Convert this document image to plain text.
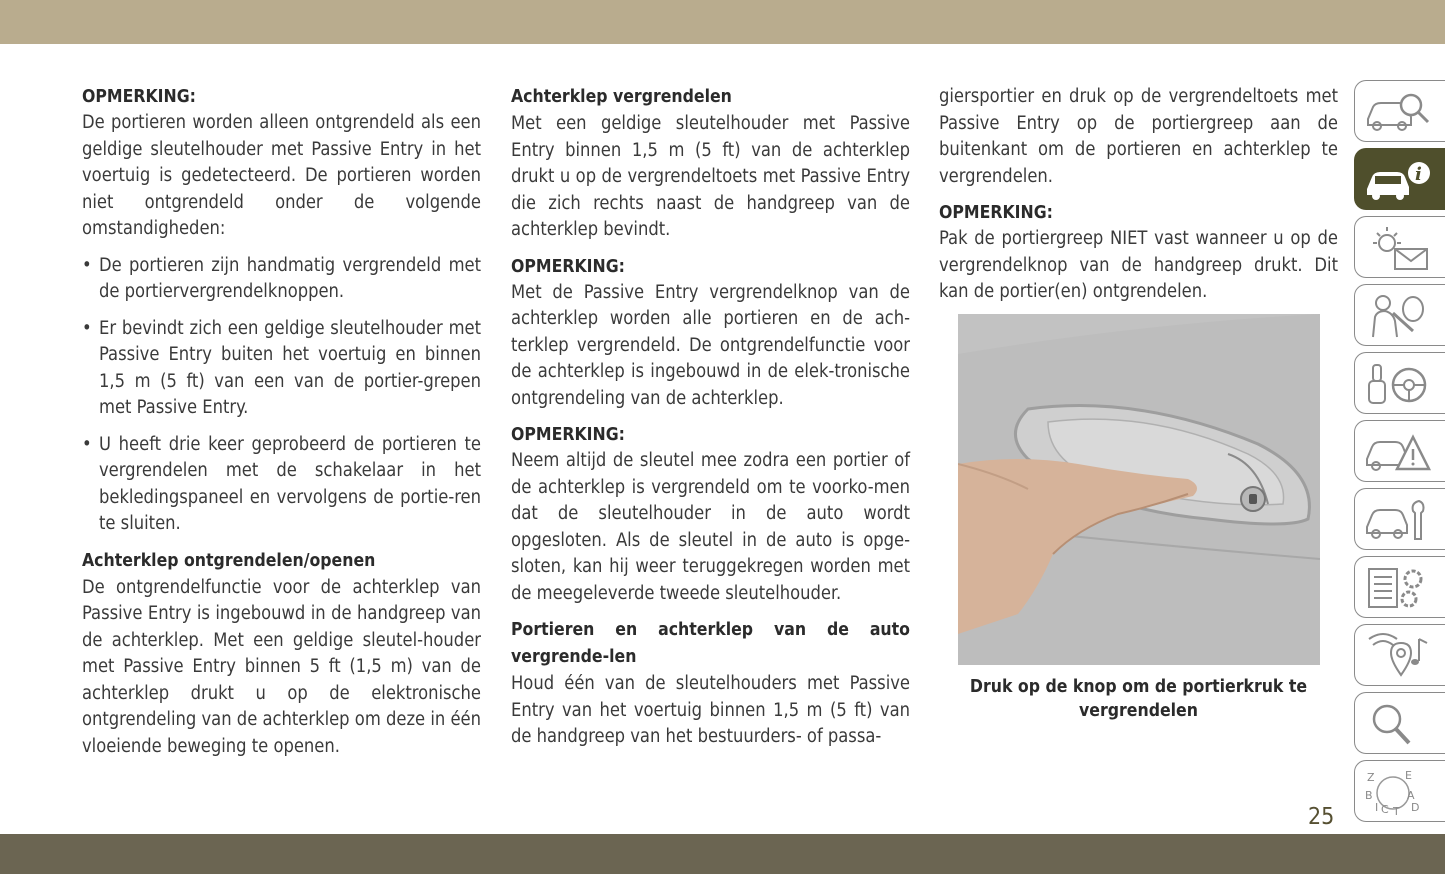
OPMERKING:

De portieren worden alleen ontgrendeld als een geldige sleutelhouder met Passive Entry in het voertuig is gedetecteerd. De portieren worden niet ontgrendeld onder de volgende omstandigheden:

• De portieren zijn handmatig vergrendeld met de portiervergrendelknoppen.

• Er bevindt zich een geldige sleutelhouder met Passive Entry buiten het voertuig en binnen 1,5 m (5 ft) van een van de portier-grepen met Passive Entry.

• U heeft drie keer geprobeerd de portieren te vergrendelen met de schakelaar in het bekledingspaneel en vervolgens de portie-ren te sluiten.

Achterklep ontgrendelen/openen

De ontgrendelfunctie voor de achterklep van Passive Entry is ingebouwd in de handgreep van de achterklep. Met een geldige sleutel-houder met Passive Entry binnen 5 ft (1,5 m) van de achterklep drukt u op de elektronische ontgrendeling van de achterklep om deze in één vloeiende beweging te openen.

Achterklep vergrendelen

Met een geldige sleutelhouder met Passive Entry binnen 1,5 m (5 ft) van de achterklep drukt u op de vergrendeltoets met Passive Entry die zich rechts naast de handgreep van de achterklep bevindt.

OPMERKING:

Met de Passive Entry vergrendelknop van de achterklep worden alle portieren en de ach-terklep vergrendeld. De ontgrendelfunctie voor de achterklep is ingebouwd in de elek-tronische ontgrendeling van de achterklep.

OPMERKING:

Neem altijd de sleutel mee zodra een portier of de achterklep is vergrendeld om te voorko-men dat de sleutelhouder in de auto wordt opgesloten. Als de sleutel in de auto is opge-sloten, kan hij weer teruggekregen worden met de meegeleverde tweede sleutelhouder.

Portieren en achterklep van de auto vergrende-len

Houd één van de sleutelhouders met Passive Entry van het voertuig binnen 1,5 m (5 ft) van de handgreep van het bestuurders- of passa-

giersportier en druk op de vergrendeltoets met Passive Entry op de portiergreep aan de buitenkant om de portieren en achterklep te vergrendelen.

OPMERKING:

Pak de portiergreep NIET vast wanneer u op de vergrendelknop van de handgreep drukt. Dit kan de portier(en) ontgrendelen.

Druk op de knop om de portierkruk te vergrendelen
i
Z	E
B	A
I C T D
25
